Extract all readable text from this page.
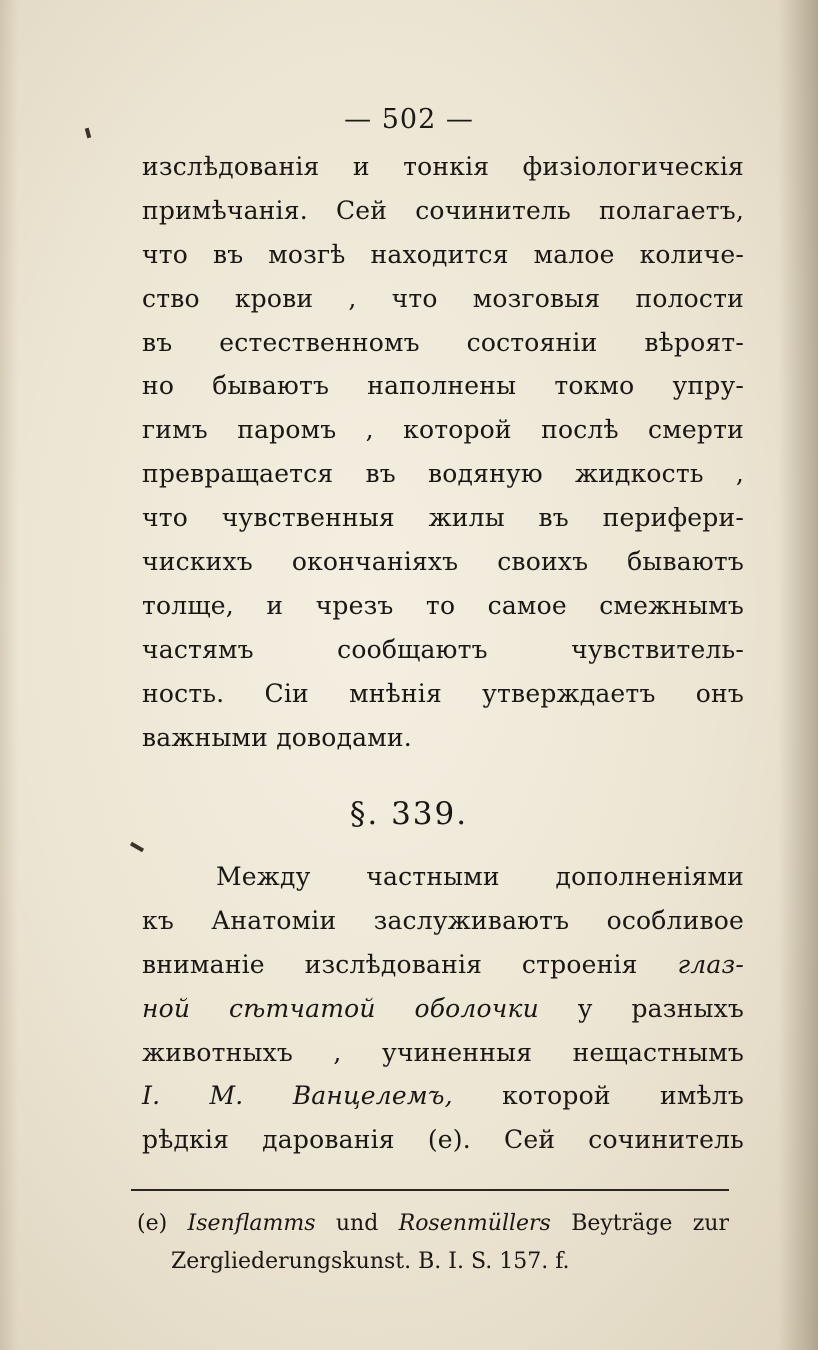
— 502 —
изслѣдованія и тонкія физіологическія
примѣчанія. Сей сочинитель полагаетъ,
что въ мозгѣ находится малое количе-
ство крови , что мозговыя полости
въ естественномъ состояніи вѣроят-
но бываютъ наполнены токмо упру-
гимъ паромъ , которой послѣ смерти
превращается въ водяную жидкость ,
что чувственныя жилы въ перифери-
чискихъ окончаніяхъ своихъ бываютъ
толще, и чрезъ то самое смежнымъ
частямъ сообщаютъ чувствитель-
ность. Сіи мнѣнія утверждаетъ онъ
важными доводами.
§. 339.
Между частными дополненіями
къ Анатоміи заслуживаютъ особливое
вниманіе изслѣдованія строенія глаз-
ной сѣтчатой оболочки у разныхъ
животныхъ , учиненныя нещастнымъ
I. M. Ванцелемъ, которой имѣлъ
рѣдкія дарованія (е). Сей сочинитель
(е) Isenflamms und Rosenmüllers Beyträge zur
Zergliederungskunst. B. I. S. 157. f.
